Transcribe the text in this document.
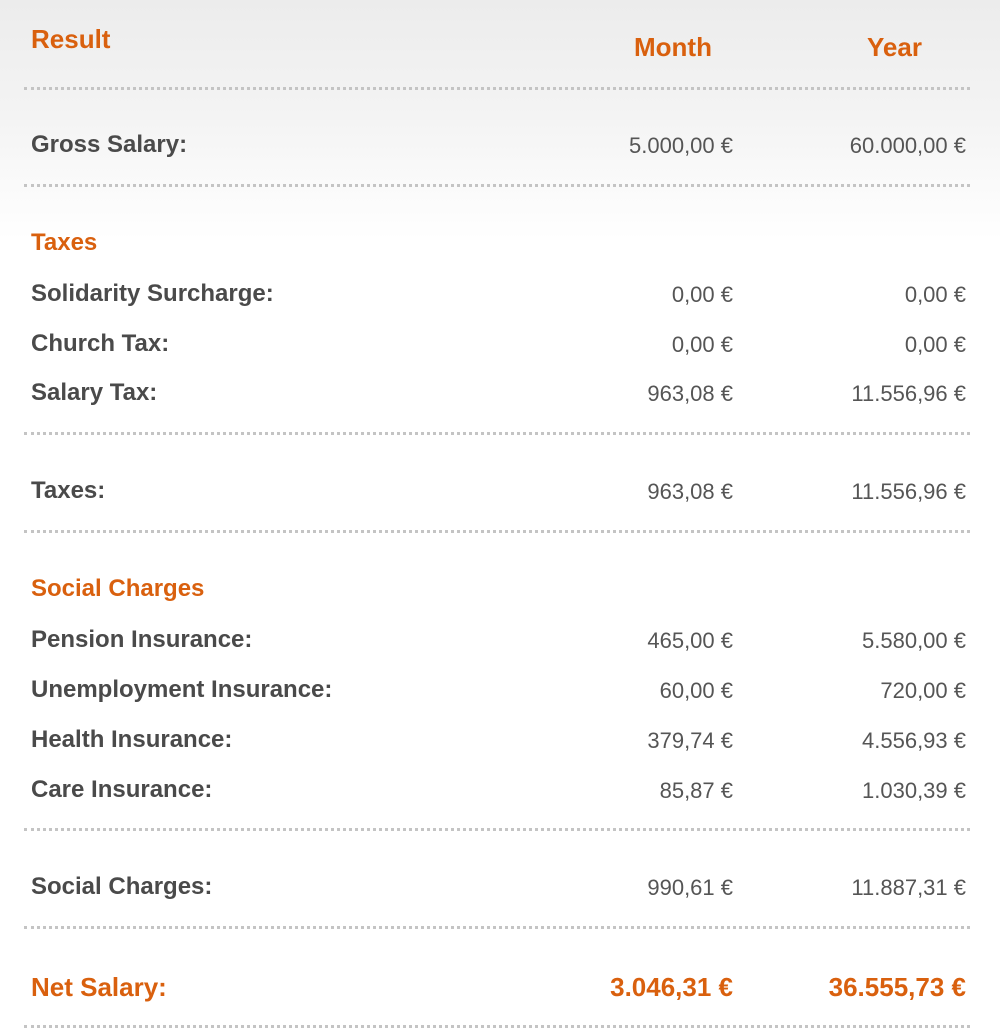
Result	Month	Year
Gross Salary:	5.000,00 €	60.000,00 €
Taxes
Solidarity Surcharge:	0,00 €	0,00 €
Church Tax:	0,00 €	0,00 €
Salary Tax:	963,08 €	11.556,96 €
Taxes:	963,08 €	11.556,96 €
Social Charges
Pension Insurance:	465,00 €	5.580,00 €
Unemployment Insurance:	60,00 €	720,00 €
Health Insurance:	379,74 €	4.556,93 €
Care Insurance:	85,87 €	1.030,39 €
Social Charges:	990,61 €	11.887,31 €
Net Salary:	3.046,31 €	36.555,73 €
